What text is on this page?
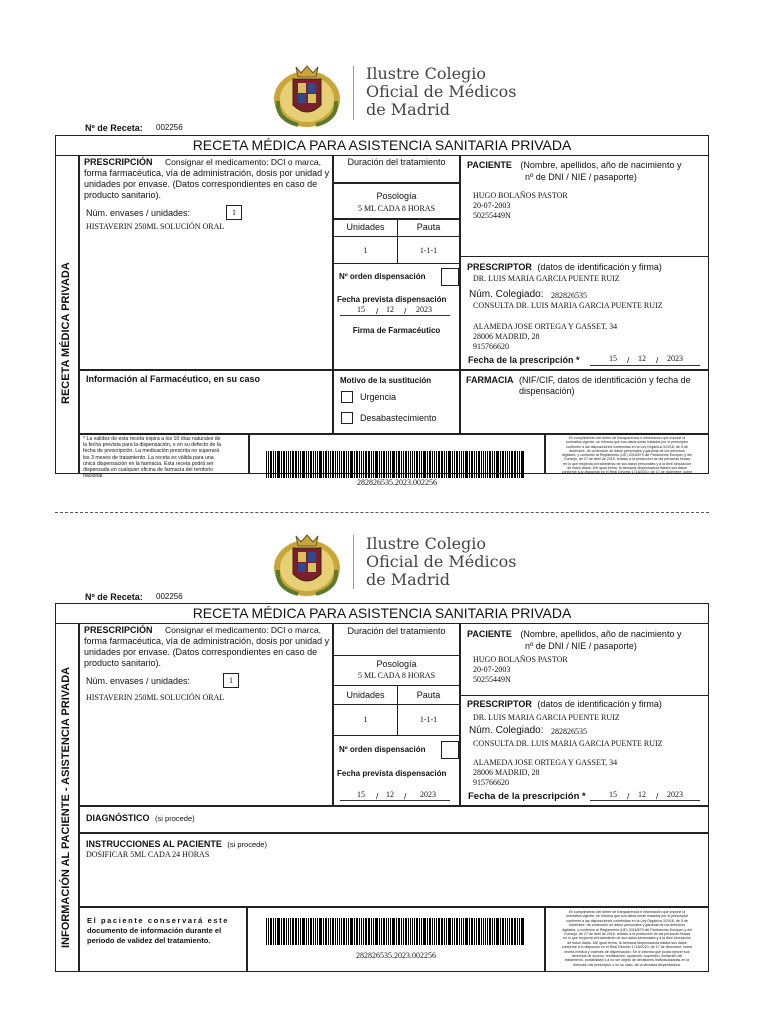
Ilustre Colegio
Oficial de Médicos
de Madrid
Nº de Receta: 002256
RECETA MÉDICA PARA ASISTENCIA SANITARIA PRIVADA
RECETA MÉDICA PRIVADA
PRESCRIPCIÓN Consignar el medicamento: DCI o marca,
forma farmacéutica, vía de administración, dosis por unidad y
unidades por envase. (Datos correspondientes en caso de
producto sanitario).
Núm. envases / unidades:	1
HISTAVERIN 250ML SOLUCIÓN ORAL
Duración del tratamiento
Posología
5 ML CADA 8 HORAS
Unidades	Pauta
1	1-1-1
Nº orden dispensación
Fecha prevista dispensación
15 / 12 / 2023
Firma de Farmacéutico
PACIENTE (Nombre, apellidos, año de nacimiento y
nº de DNI / NIE / pasaporte)
HUGO BOLAÑOS PASTOR
20-07-2003
50255449N
PRESCRIPTOR (datos de identificación y firma)
DR. LUIS MARIA GARCIA PUENTE RUIZ
Núm. Colegiado: 282826535
CONSULTA DR. LUIS MARIA GARCIA PUENTE RUIZ
ALAMEDA JOSE ORTEGA Y GASSET, 34
28006 MADRID, 28
915766620
Fecha de la prescripción *	15 / 12 / 2023
Información al Farmacéutico, en su caso	Motivo de la sustitución
Urgencia
Desabastecimiento
FARMACIA (NIF/CIF, datos de identificación y fecha de
dispensación)
* La validez de esta receta expira a los 10 días naturales de
la fecha prevista para la dispensación, o en su defecto de la
fecha de prescripción. La medicación prescrita no superará
los 3 meses de tratamiento. La receta es válida para una
única dispensación en la farmacia. Esta receta podrá ser
dispensada en cualquier oficina de farmacia del territorio
nacional.
282826535.2023.002256
En cumplimiento del deber de transparencia e información que impone la
normativa vigente, se informa que sus datos serán tratados por el prescriptor
conforme a las disposiciones contenidas en la Ley Orgánica 3/2018, de 5 de
diciembre, de protección de datos personales y garantía de los derechos
digitales, y conforme al Reglamento (UE) 2016/679 del Parlamento Europeo y del
Consejo, de 27 de abril de 2016, relativo a la protección de las personas físicas
en lo que respecta al tratamiento de sus datos personales y a la libre circulación
de estos datos. Del igual forma, la farmacia dispensadora tratará sus datos
conforme a lo dispuesto en el Real Decreto 1718/2010, de 17 de diciembre, sobre
Ilustre Colegio
Oficial de Médicos
de Madrid
Nº de Receta: 002256
RECETA MÉDICA PARA ASISTENCIA SANITARIA PRIVADA
INFORMACIÓN AL PACIENTE - ASISTENCIA PRIVADA
PRESCRIPCIÓN Consignar el medicamento: DCI o marca,
forma farmacéutica, vía de administración, dosis por unidad y
unidades por envase. (Datos correspondientes en caso de
producto sanitario).
Núm. envases / unidades:	1
HISTAVERIN 250ML SOLUCIÓN ORAL
Duración del tratamiento
Posología
5 ML CADA 8 HORAS
Unidades	Pauta
1	1-1-1
Nº orden dispensación
Fecha prevista dispensación
15 / 12 / 2023
PACIENTE (Nombre, apellidos, año de nacimiento y
nº de DNI / NIE / pasaporte)
HUGO BOLAÑOS PASTOR
20-07-2003
50255449N
PRESCRIPTOR (datos de identificación y firma)
DR. LUIS MARIA GARCIA PUENTE RUIZ
Núm. Colegiado: 282826535
CONSULTA DR. LUIS MARIA GARCIA PUENTE RUIZ
ALAMEDA JOSE ORTEGA Y GASSET, 34
28006 MADRID, 28
915766620
Fecha de la prescripción *	15 / 12 / 2023
DIAGNÓSTICO (si procede)
INSTRUCCIONES AL PACIENTE (si procede)
DOSIFICAR 5ML CADA 24 HORAS
El paciente conservará este
documento de información durante el
periodo de validez del tratamiento.
282826535.2023.002256
En cumplimiento del deber de transparencia e información que impone la
normativa vigente, se informa que sus datos serán tratados por el prescriptor
conforme a las disposiciones contenidas en la Ley Orgánica 3/2018, de 5 de
diciembre, de protección de datos personales y garantía de los derechos
digitales, y conforme al Reglamento (UE) 2016/679 del Parlamento Europeo y del
Consejo, de 27 de abril de 2016, relativo a la protección de las personas físicas
en lo que respecta al tratamiento de sus datos personales y a la libre circulación
de estos datos. Del igual forma, la farmacia dispensadora tratará sus datos
conforme a lo dispuesto en el Real Decreto 1718/2010, de 17 de diciembre, sobre
receta médica y órdenes de dispensación. Se le informa que podrá ejercer sus
derechos de acceso, rectificación, oposición, supresión, limitación del
tratamiento, portabilidad y a no ser objeto de decisiones individualizadas en la
dirección del prescriptor o en su caso, de la farmacia dispensadora.
